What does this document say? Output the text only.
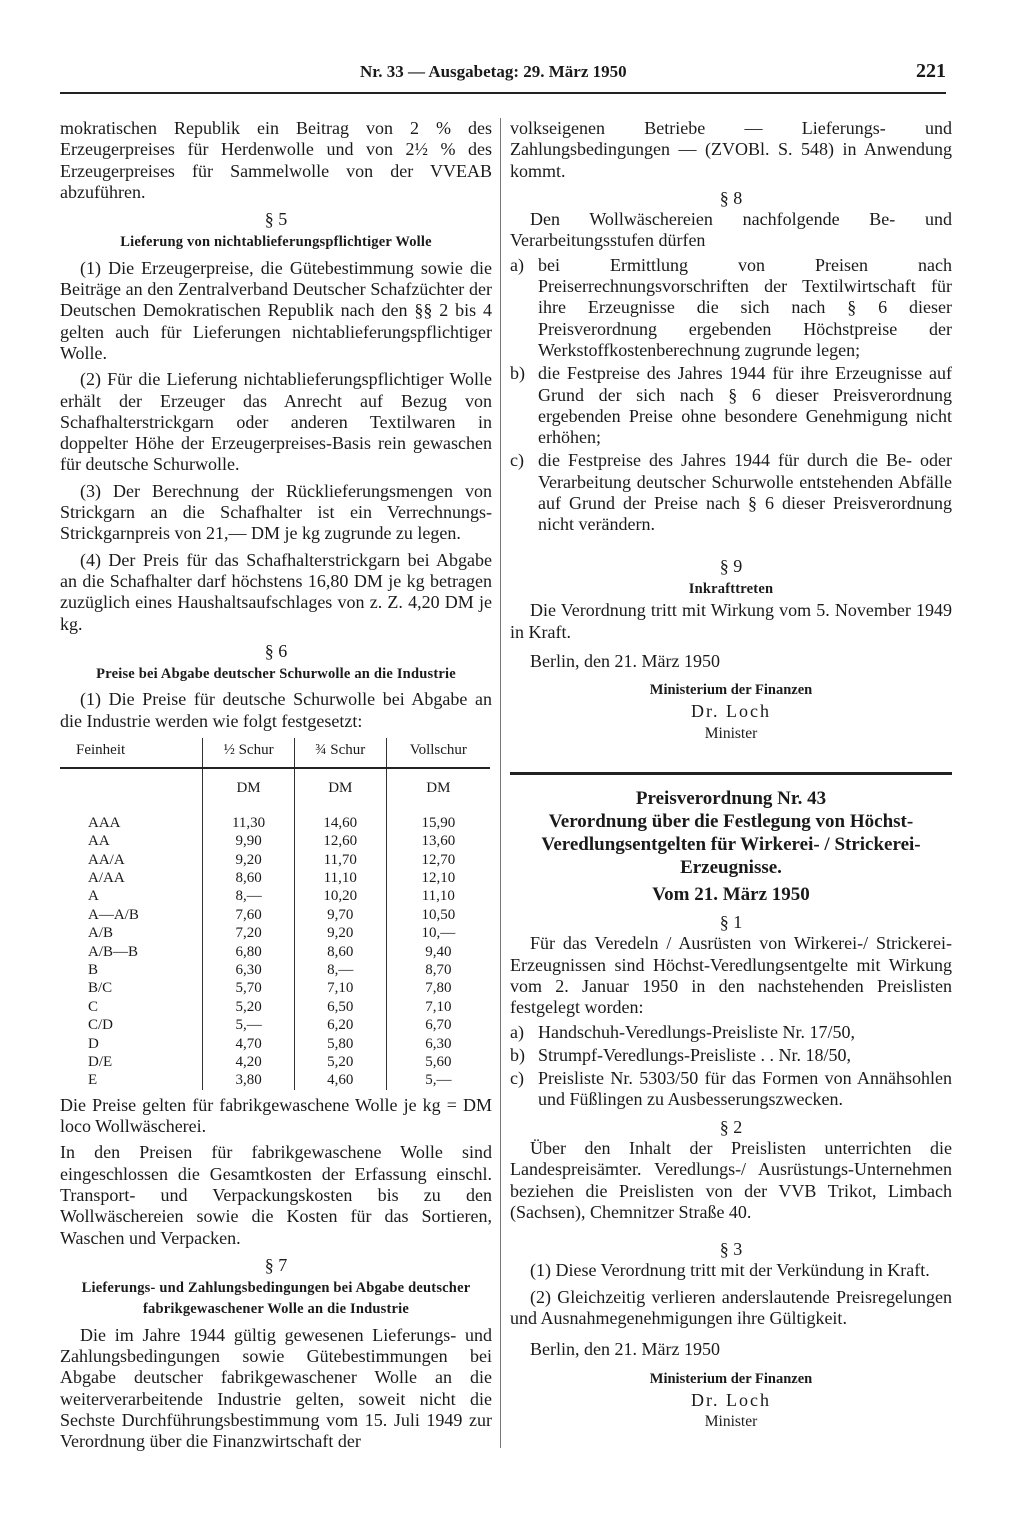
Nr. 33 — Ausgabetag: 29. März 1950	221

mokratischen Republik ein Beitrag von 2 % des Erzeugerpreises für Herdenwolle und von 2½ % des Erzeugerpreises für Sammelwolle von der VVEAB abzuführen.

§ 5
Lieferung von nichtablieferungspflichtiger Wolle

(1) Die Erzeugerpreise, die Gütebestimmung sowie die Beiträge an den Zentralverband Deutscher Schafzüchter der Deutschen Demokratischen Republik nach den §§ 2 bis 4 gelten auch für Lieferungen nichtablieferungspflichtiger Wolle.

(2) Für die Lieferung nichtablieferungspflichtiger Wolle erhält der Erzeuger das Anrecht auf Bezug von Schafhalterstrickgarn oder anderen Textilwaren in doppelter Höhe der Erzeugerpreises-Basis rein gewaschen für deutsche Schurwolle.

(3) Der Berechnung der Rücklieferungsmengen von Strickgarn an die Schafhalter ist ein Verrechnungs-Strickgarnpreis von 21,— DM je kg zugrunde zu legen.

(4) Der Preis für das Schafhalterstrickgarn bei Abgabe an die Schafhalter darf höchstens 16,80 DM je kg betragen zuzüglich eines Haushaltsaufschlages von z. Z. 4,20 DM je kg.

§ 6
Preise bei Abgabe deutscher Schurwolle an die Industrie

(1) Die Preise für deutsche Schurwolle bei Abgabe an die Industrie werden wie folgt festgesetzt:

Feinheit	½ Schur	¾ Schur	Vollschur
	DM	DM	DM
AAA	11,30	14,60	15,90
AA	9,90	12,60	13,60
AA/A	9,20	11,70	12,70
A/AA	8,60	11,10	12,10
A	8,—	10,20	11,10
A—A/B	7,60	9,70	10,50
A/B	7,20	9,20	10,—
A/B—B	6,80	8,60	9,40
B	6,30	8,—	8,70
B/C	5,70	7,10	7,80
C	5,20	6,50	7,10
C/D	5,—	6,20	6,70
D	4,70	5,80	6,30
D/E	4,20	5,20	5,60
E	3,80	4,60	5,—

Die Preise gelten für fabrikgewaschene Wolle je kg = DM loco Wollwäscherei.

In den Preisen für fabrikgewaschene Wolle sind eingeschlossen die Gesamtkosten der Erfassung einschl. Transport- und Verpackungskosten bis zu den Wollwäschereien sowie die Kosten für das Sortieren, Waschen und Verpacken.

§ 7
Lieferungs- und Zahlungsbedingungen bei Abgabe deutscher fabrikgewaschener Wolle an die Industrie

Die im Jahre 1944 gültig gewesenen Lieferungs- und Zahlungsbedingungen sowie Gütebestimmungen bei Abgabe deutscher fabrikgewaschener Wolle an die weiterverarbeitende Industrie gelten, soweit nicht die Sechste Durchführungsbestimmung vom 15. Juli 1949 zur Verordnung über die Finanzwirtschaft der

volkseigenen Betriebe — Lieferungs- und Zahlungsbedingungen — (ZVOBl. S. 548) in Anwendung kommt.

§ 8

Den Wollwäschereien nachfolgende Be- und Verarbeitungsstufen dürfen

a) bei Ermittlung von Preisen nach Preiserrechnungsvorschriften der Textilwirtschaft für ihre Erzeugnisse die sich nach § 6 dieser Preisverordnung ergebenden Höchstpreise der Werkstoffkostenberechnung zugrunde legen;
b) die Festpreise des Jahres 1944 für ihre Erzeugnisse auf Grund der sich nach § 6 dieser Preisverordnung ergebenden Preise ohne besondere Genehmigung nicht erhöhen;
c) die Festpreise des Jahres 1944 für durch die Be- oder Verarbeitung deutscher Schurwolle entstehenden Abfälle auf Grund der Preise nach § 6 dieser Preisverordnung nicht verändern.
§ 9
Inkrafttreten

Die Verordnung tritt mit Wirkung vom 5. November 1949 in Kraft.

Berlin, den 21. März 1950

Ministerium der Finanzen
Dr. Loch
Minister
Preisverordnung Nr. 43
Verordnung über die Festlegung von Höchst-Veredlungsentgelten für Wirkerei- / Strickerei-Erzeugnisse.
Vom 21. März 1950
§ 1

Für das Veredeln / Ausrüsten von Wirkerei-/ Strickerei-Erzeugnissen sind Höchst-Veredlungsentgelte mit Wirkung vom 2. Januar 1950 in den nachstehenden Preislisten festgelegt worden:

a) Handschuh-Veredlungs-Preisliste Nr. 17/50,
b) Strumpf-Veredlungs-Preisliste . . Nr. 18/50,
c) Preisliste Nr. 5303/50 für das Formen von Annähsohlen und Füßlingen zu Ausbesserungszwecken.
§ 2

Über den Inhalt der Preislisten unterrichten die Landespreisämter. Veredlungs-/ Ausrüstungs-Unternehmen beziehen die Preislisten von der VVB Trikot, Limbach (Sachsen), Chemnitzer Straße 40.

§ 3

(1) Diese Verordnung tritt mit der Verkündung in Kraft.

(2) Gleichzeitig verlieren anderslautende Preisregelungen und Ausnahmegenehmigungen ihre Gültigkeit.

Berlin, den 21. März 1950

Ministerium der Finanzen
Dr. Loch
Minister
